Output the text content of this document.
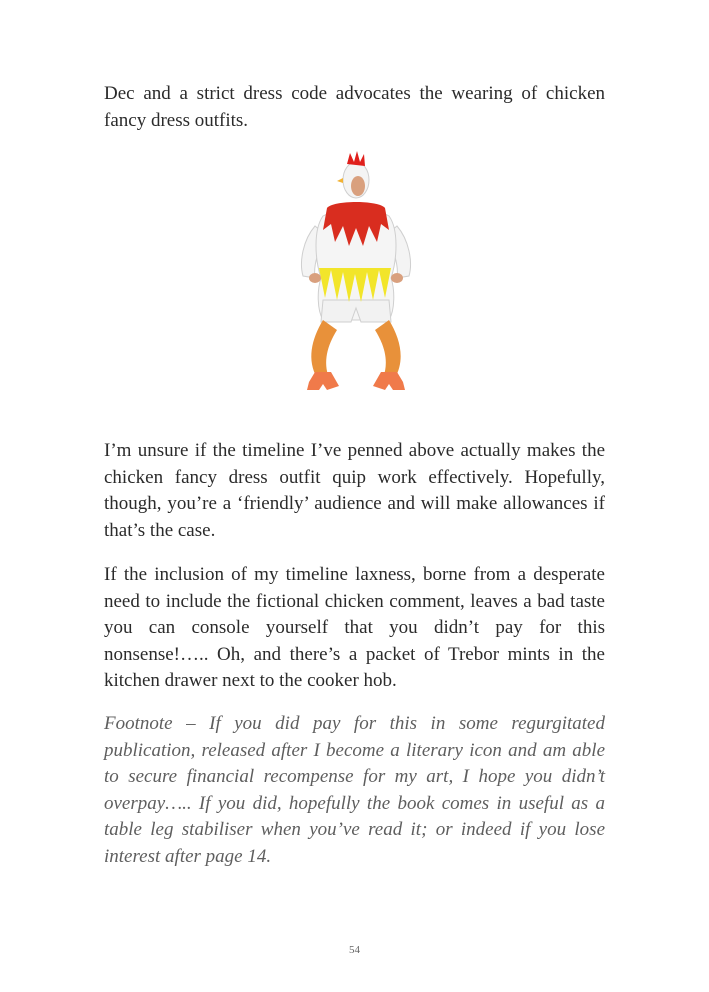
Dec and a strict dress code advocates the wearing of chicken fancy dress outfits.

I’m unsure if the timeline I’ve penned above actually makes the chicken fancy dress outfit quip work effectively. Hopefully, though, you’re a ‘friendly’ audience and will make allowances if that’s the case.

If the inclusion of my timeline laxness, borne from a desperate need to include the fictional chicken comment, leaves a bad taste you can console yourself that you didn’t pay for this nonsense!….. Oh, and there’s a packet of Trebor mints in the kitchen drawer next to the cooker hob.

Footnote – If you did pay for this in some regurgitated publication, released after I become a literary icon and am able to secure financial recompense for my art, I hope you didn’t overpay….. If you did, hopefully the book comes in useful as a table leg stabiliser when you’ve read it; or indeed if you lose interest after page 14.

54
